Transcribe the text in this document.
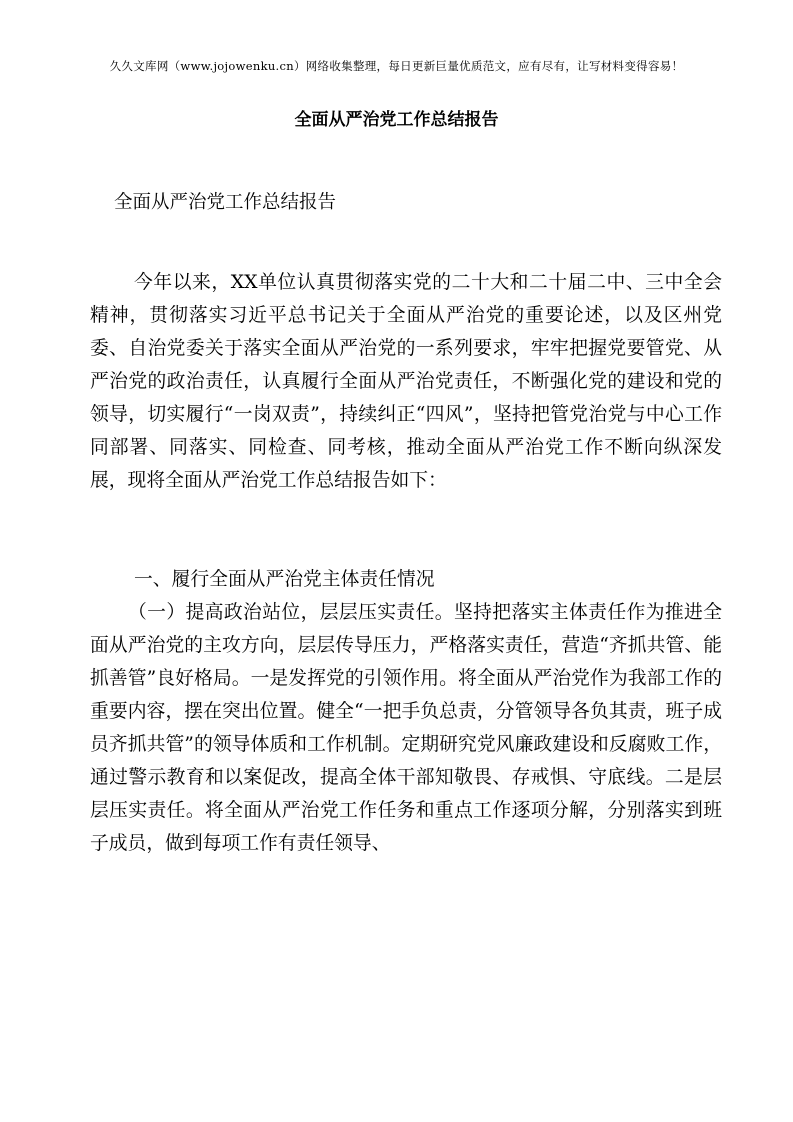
久久文库网（www.jojowenku.cn）网络收集整理，每日更新巨量优质范文，应有尽有，让写材料变得容易！
全面从严治党工作总结报告
全面从严治党工作总结报告

今年以来，XX单位认真贯彻落实党的二十大和二十届二中、三中全会精神，贯彻落实习近平总书记关于全面从严治党的重要论述，以及区州党委、自治党委关于落实全面从严治党的一系列要求，牢牢把握党要管党、从严治党的政治责任，认真履行全面从严治党责任，不断强化党的建设和党的领导，切实履行“一岗双责”，持续纠正“四风”，坚持把管党治党与中心工作同部署、同落实、同检查、同考核，推动全面从严治党工作不断向纵深发展，现将全面从严治党工作总结报告如下：

一、履行全面从严治党主体责任情况

（一）提高政治站位，层层压实责任。坚持把落实主体责任作为推进全面从严治党的主攻方向，层层传导压力，严格落实责任，营造“齐抓共管、能抓善管”良好格局。一是发挥党的引领作用。将全面从严治党作为我部工作的重要内容，摆在突出位置。健全“一把手负总责，分管领导各负其责，班子成员齐抓共管”的领导体质和工作机制。定期研究党风廉政建设和反腐败工作，通过警示教育和以案促改，提高全体干部知敬畏、存戒惧、守底线。二是层层压实责任。将全面从严治党工作任务和重点工作逐项分解，分别落实到班子成员，做到每项工作有责任领导、
